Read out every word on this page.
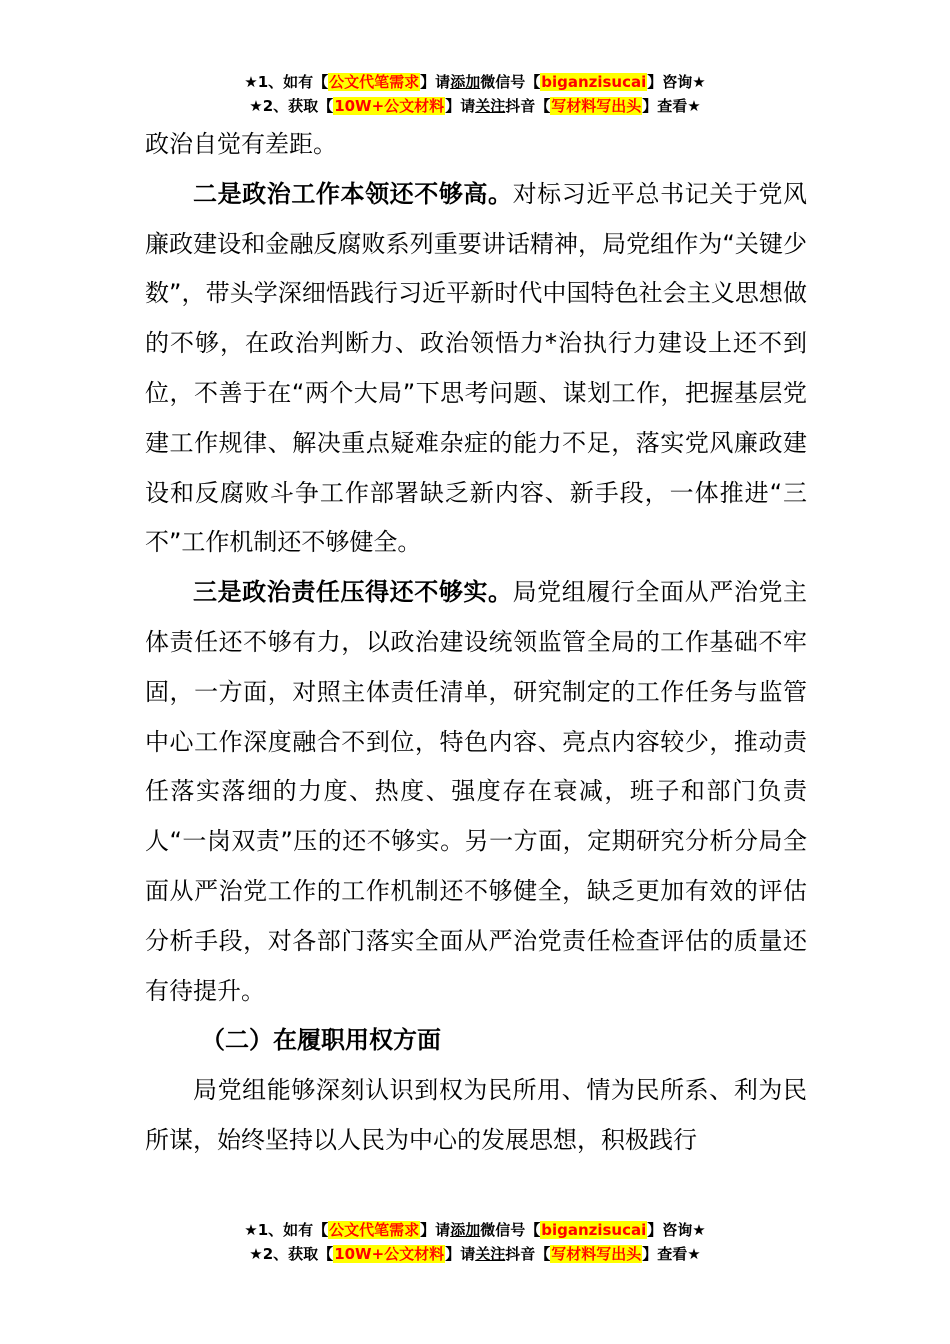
★1、如有【公文代笔需求】请添加微信号【biganzisucai】咨询★
★2、获取【10W+公文材料】请关注抖音【写材料写出头】查看★

政治自觉有差距。

二是政治工作本领还不够高。对标习近平总书记关于党风廉政建设和金融反腐败系列重要讲话精神，局党组作为“关键少数”，带头学深细悟践行习近平新时代中国特色社会主义思想做的不够，在政治判断力、政治领悟力*治执行力建设上还不到位，不善于在“两个大局”下思考问题、谋划工作，把握基层党建工作规律、解决重点疑难杂症的能力不足，落实党风廉政建设和反腐败斗争工作部署缺乏新内容、新手段，一体推进“三不”工作机制还不够健全。

三是政治责任压得还不够实。局党组履行全面从严治党主体责任还不够有力，以政治建设统领监管全局的工作基础不牢固，一方面，对照主体责任清单，研究制定的工作任务与监管中心工作深度融合不到位，特色内容、亮点内容较少，推动责任落实落细的力度、热度、强度存在衰减，班子和部门负责人“一岗双责”压的还不够实。另一方面，定期研究分析分局全面从严治党工作的工作机制还不够健全，缺乏更加有效的评估分析手段，对各部门落实全面从严治党责任检查评估的质量还有待提升。

（二）在履职用权方面

局党组能够深刻认识到权为民所用、情为民所系、利为民所谋，始终坚持以人民为中心的发展思想，积极践行

★1、如有【公文代笔需求】请添加微信号【biganzisucai】咨询★
★2、获取【10W+公文材料】请关注抖音【写材料写出头】查看★
